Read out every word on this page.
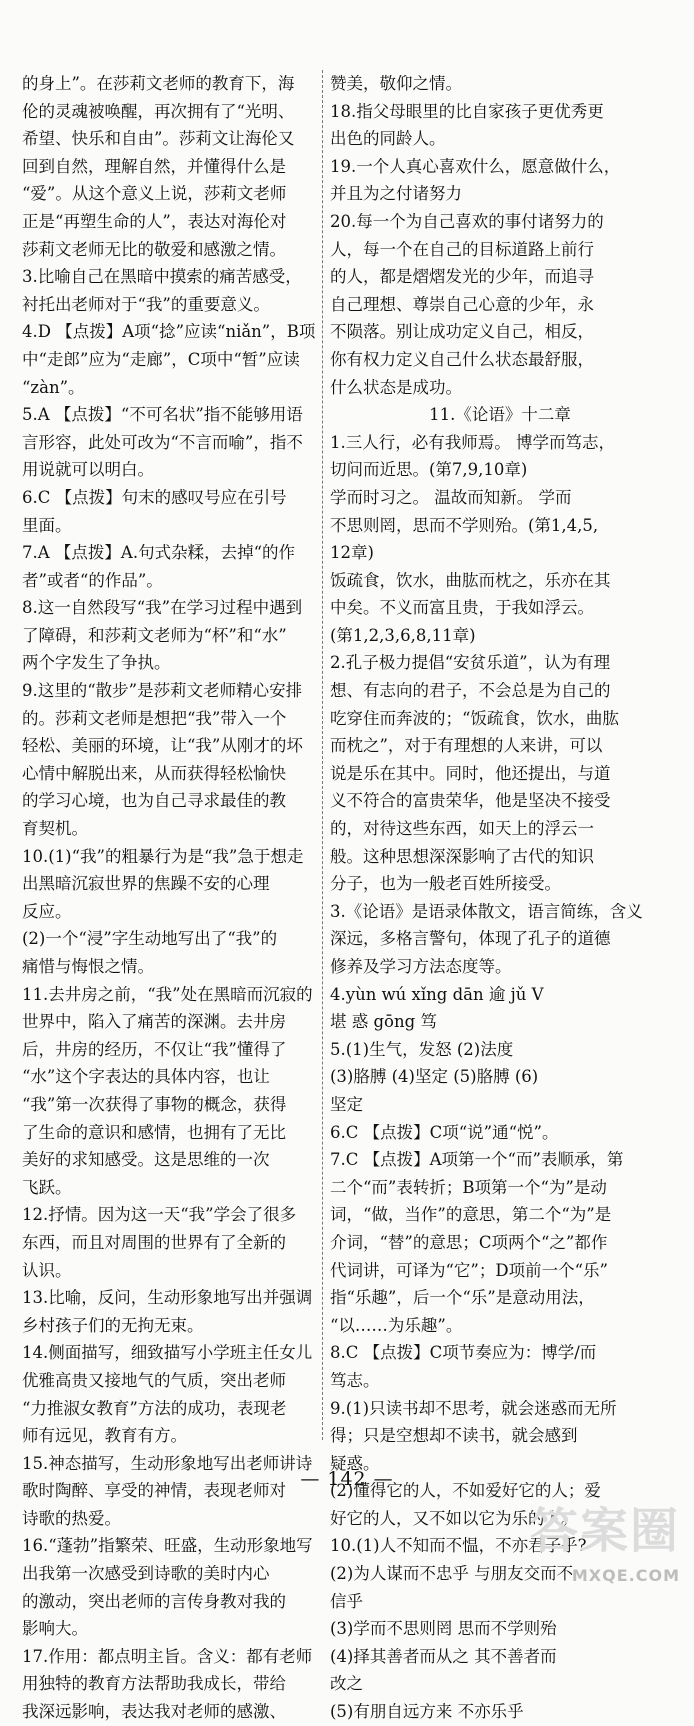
的身上”。在莎莉文老师的教育下，海
伦的灵魂被唤醒，再次拥有了“光明、
希望、快乐和自由”。莎莉文让海伦又
回到自然，理解自然，并懂得什么是
“爱”。从这个意义上说，莎莉文老师
正是“再塑生命的人”，表达对海伦对
莎莉文老师无比的敬爱和感激之情。
3.比喻自己在黑暗中摸索的痛苦感受，
衬托出老师对于“我”的重要意义。
4.D 【点拨】A项“捻”应读“niǎn”，B项
中“走郎”应为“走廊”，C项中“暂”应读
“zàn”。
5.A 【点拨】“不可名状”指不能够用语
言形容，此处可改为“不言而喻”，指不
用说就可以明白。
6.C 【点拨】句末的感叹号应在引号
里面。
7.A 【点拨】A.句式杂糅，去掉“的作
者”或者“的作品”。
8.这一自然段写“我”在学习过程中遇到
了障碍，和莎莉文老师为“杯”和“水”
两个字发生了争执。
9.这里的“散步”是莎莉文老师精心安排
的。莎莉文老师是想把“我”带入一个
轻松、美丽的环境，让“我”从刚才的坏
心情中解脱出来，从而获得轻松愉快
的学习心境，也为自己寻求最佳的教
育契机。
10.(1)“我”的粗暴行为是“我”急于想走
出黑暗沉寂世界的焦躁不安的心理
反应。
(2)一个“浸”字生动地写出了“我”的
痛惜与悔恨之情。
11.去井房之前，“我”处在黑暗而沉寂的
世界中，陷入了痛苦的深渊。去井房
后，井房的经历，不仅让“我”懂得了
“水”这个字表达的具体内容，也让
“我”第一次获得了事物的概念，获得
了生命的意识和感情，也拥有了无比
美好的求知感受。这是思维的一次
飞跃。
12.抒情。因为这一天“我”学会了很多
东西，而且对周围的世界有了全新的
认识。
13.比喻，反问，生动形象地写出并强调
乡村孩子们的无拘无束。
14.侧面描写，细致描写小学班主任女儿
优雅高贵又接地气的气质，突出老师
“力推淑女教育”方法的成功，表现老
师有远见，教育有方。
15.神态描写，生动形象地写出老师讲诗
歌时陶醉、享受的神情，表现老师对
诗歌的热爱。
16.“蓬勃”指繁荣、旺盛，生动形象地写
出我第一次感受到诗歌的美时内心
的激动，突出老师的言传身教对我的
影响大。
17.作用：都点明主旨。含义：都有老师
用独特的教育方法帮助我成长，带给
我深远影响，表达我对老师的感激、
赞美，敬仰之情。
18.指父母眼里的比自家孩子更优秀更
出色的同龄人。
19.一个人真心喜欢什么，愿意做什么，
并且为之付诸努力
20.每一个为自己喜欢的事付诸努力的
人，每一个在自己的目标道路上前行
的人，都是熠熠发光的少年，而追寻
自己理想、尊崇自己心意的少年，永
不陨落。别让成功定义自己，相反，
你有权力定义自己什么状态最舒服，
什么状态是成功。
11.《论语》十二章
1.三人行，必有我师焉。 博学而笃志，
切问而近思。(第7,9,10章)
学而时习之。 温故而知新。 学而
不思则罔，思而不学则殆。(第1,4,5,
12章)
饭疏食，饮水，曲肱而枕之，乐亦在其
中矣。不义而富且贵，于我如浮云。
(第1,2,3,6,8,11章)
2.孔子极力提倡“安贫乐道”，认为有理
想、有志向的君子，不会总是为自己的
吃穿住而奔波的；“饭疏食，饮水，曲肱
而枕之”，对于有理想的人来讲，可以
说是乐在其中。同时，他还提出，与道
义不符合的富贵荣华，他是坚决不接受
的，对待这些东西，如天上的浮云一
般。这种思想深深影响了古代的知识
分子，也为一般老百姓所接受。
3.《论语》是语录体散文，语言简练，含义
深远，多格言警句，体现了孔子的道德
修养及学习方法态度等。
4.yùn wú xǐng dān 逾 jǔ V
堪 惑 gōng 笃
5.(1)生气，发怒 (2)法度
(3)胳膊 (4)坚定 (5)胳膊 (6)
坚定
6.C 【点拨】C项“说”通“悦”。
7.C 【点拨】A项第一个“而”表顺承，第
二个“而”表转折；B项第一个“为”是动
词，“做，当作”的意思，第二个“为”是
介词，“替”的意思；C项两个“之”都作
代词讲，可译为“它”；D项前一个“乐”
指“乐趣”，后一个“乐”是意动用法，
“以……为乐趣”。
8.C 【点拨】C项节奏应为：博学/而
笃志。
9.(1)只读书却不思考，就会迷惑而无所
得；只是空想却不读书，就会感到
疑惑。
(2)懂得它的人，不如爱好它的人；爱
好它的人，又不如以它为乐的人。
10.(1)人不知而不愠，不亦君子乎?
(2)为人谋而不忠乎 与朋友交而不
信乎
(3)学而不思则罔 思而不学则殆
(4)择其善者而从之 其不善者而
改之
(5)有朋自远方来 不亦乐乎
— 142 —
答案圈
MXQE.COM
